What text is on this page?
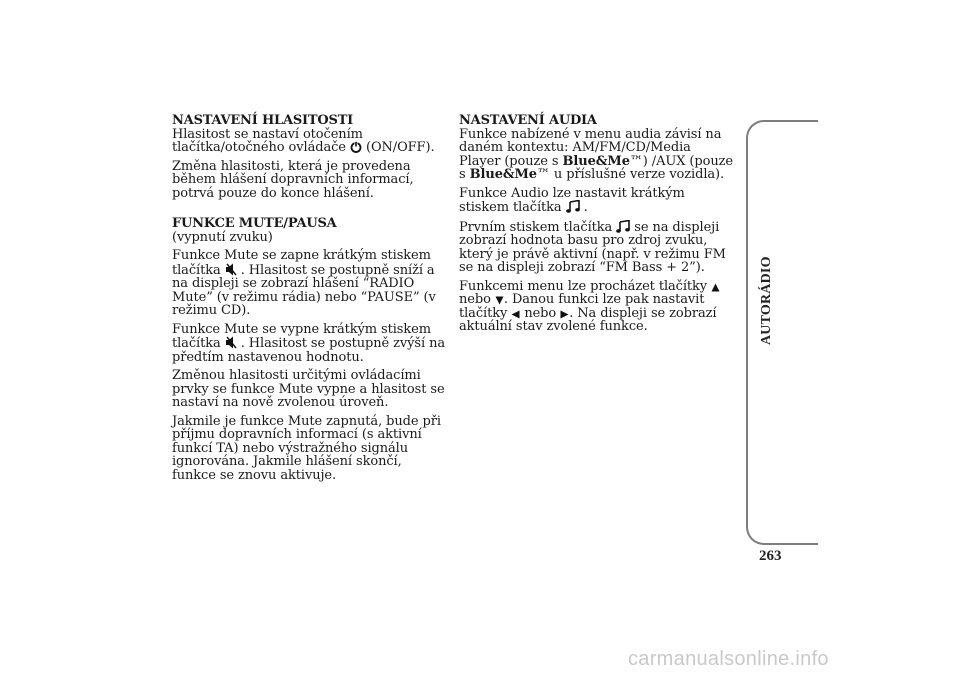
NASTAVENÍ HLASITOSTI

Hlasitost se nastaví otočením tlačítka/otočného ovládače (ON/OFF).

Změna hlasitosti, která je provedena během hlášení dopravních informací, potrvá pouze do konce hlášení.

FUNKCE MUTE/PAUSA

(vypnutí zvuku)

Funkce Mute se zapne krátkým stiskem tlačítka . Hlasitost se postupně sníží a na displeji se zobrazí hlášení “RADIO Mute” (v režimu rádia) nebo “PAUSE” (v režimu CD).

Funkce Mute se vypne krátkým stiskem tlačítka . Hlasitost se postupně zvýší na předtím nastavenou hodnotu.

Změnou hlasitosti určitými ovládacími prvky se funkce Mute vypne a hlasitost se nastaví na nově zvolenou úroveň.

Jakmile je funkce Mute zapnutá, bude při příjmu dopravních informací (s aktivní funkcí TA) nebo výstražného signálu ignorována. Jakmile hlášení skončí, funkce se znovu aktivuje.

NASTAVENÍ AUDIA

Funkce nabízené v menu audia závisí na daném kontextu: AM/FM/CD/Media Player (pouze s Blue&Me™) /AUX (pouze s Blue&Me™ u příslušné verze vozidla).

Funkce Audio lze nastavit krátkým stiskem tlačítka .

Prvním stiskem tlačítka se na displeji zobrazí hodnota basu pro zdroj zvuku, který je právě aktivní (např. v režimu FM se na displeji zobrazí “FM Bass + 2”).

Funkcemi menu lze procházet tlačítky  nebo . Danou funkci lze pak nastavit tlačítky nebo . Na displeji se zobrazí aktuální stav zvolené funkce.	AUTORÁDIO
263
carmanualsonline.info
